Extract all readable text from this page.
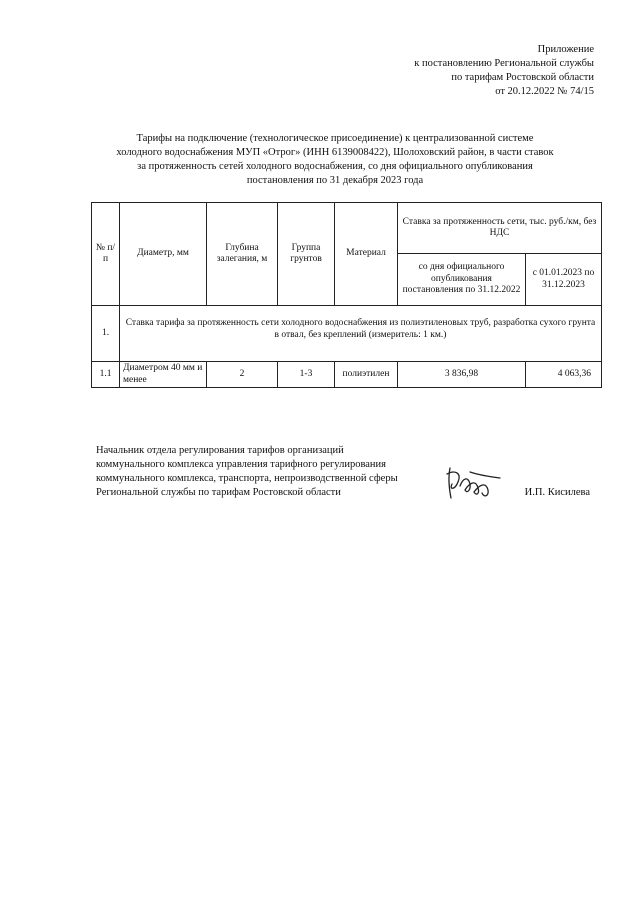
Приложение
к постановлению Региональной службы
по тарифам Ростовской области
от 20.12.2022 № 74/15
Тарифы на подключение (технологическое присоединение) к централизованной системе
холодного водоснабжения МУП «Отрог» (ИНН 6139008422), Шолоховский район, в части ставок
за протяженность сетей холодного водоснабжения, со дня официального опубликования
постановления по 31 декабря 2023 года
№ п/п	Диаметр, мм	Глубина залегания, м	Группа грунтов	Материал	Ставка за протяженность сети, тыс. руб./км, без НДС	
					со дня официального опубликования постановления по 31.12.2022	с 01.01.2023 по 31.12.2023
1.	Ставка тарифа за протяженность сети холодного водоснабжения из полиэтиленовых труб, разработка сухого грунта в отвал, без креплений (измеритель: 1 км.)					
1.1	Диаметром 40 мм и менее	2	1-3	полиэтилен	3 836,98	4 063,36
Начальник отдела регулирования тарифов организаций
коммунального комплекса управления тарифного регулирования
коммунального комплекса, транспорта, непроизводственной сферы
Региональной службы по тарифам Ростовской области	И.П. Кисилева
